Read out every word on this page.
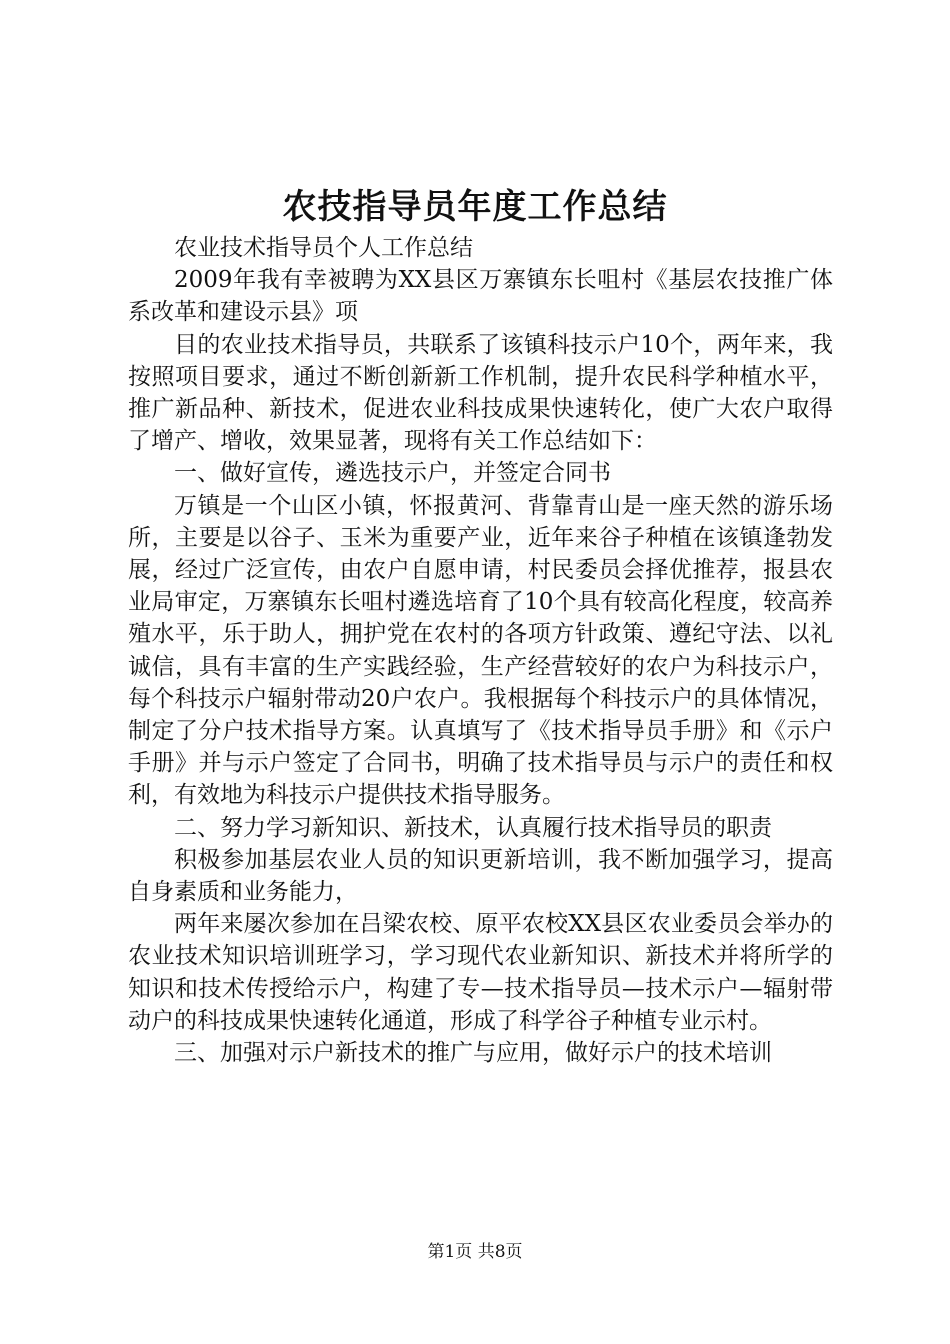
农技指导员年度工作总结

农业技术指导员个人工作总结

2009年我有幸被聘为XX县区万寨镇东长咀村《基层农技推广体系改革和建设示县》项

目的农业技术指导员，共联系了该镇科技示户10个，两年来，我按照项目要求，通过不断创新新工作机制，提升农民科学种植水平，推广新品种、新技术，促进农业科技成果快速转化，使广大农户取得了增产、增收，效果显著，现将有关工作总结如下：

一、做好宣传，遴选技示户，并签定合同书

万镇是一个山区小镇，怀报黄河、背靠青山是一座天然的游乐场所，主要是以谷子、玉米为重要产业，近年来谷子种植在该镇逢勃发展，经过广泛宣传，由农户自愿申请，村民委员会择优推荐，报县农业局审定，万寨镇东长咀村遴选培育了10个具有较高化程度，较高养殖水平，乐于助人，拥护党在农村的各项方针政策、遵纪守法、以礼诚信，具有丰富的生产实践经验，生产经营较好的农户为科技示户，每个科技示户辐射带动20户农户。我根据每个科技示户的具体情况，制定了分户技术指导方案。认真填写了《技术指导员手册》和《示户手册》并与示户签定了合同书，明确了技术指导员与示户的责任和权利，有效地为科技示户提供技术指导服务。

二、努力学习新知识、新技术，认真履行技术指导员的职责

积极参加基层农业人员的知识更新培训，我不断加强学习，提高自身素质和业务能力，

两年来屡次参加在吕梁农校、原平农校XX县区农业委员会举办的农业技术知识培训班学习，学习现代农业新知识、新技术并将所学的知识和技术传授给示户，构建了专—技术指导员—技术示户—辐射带动户的科技成果快速转化通道，形成了科学谷子种植专业示村。

三、加强对示户新技术的推广与应用，做好示户的技术培训

第1页 共8页
